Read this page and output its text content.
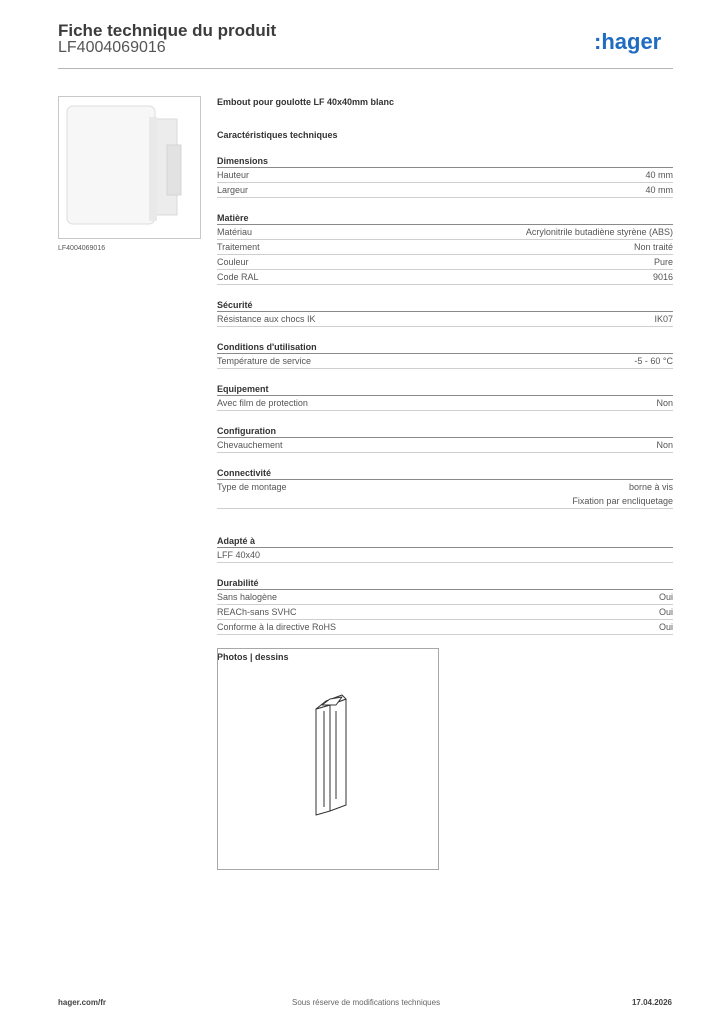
Fiche technique du produit
LF4004069016	:hager
LF4004069016
Embout pour goulotte LF 40x40mm blanc
Caractéristiques techniques
Dimensions
Hauteur	40 mm
Largeur	40 mm
Matière
Matériau	Acrylonitrile butadiène styrène (ABS)
Traitement	Non traité
Couleur	Pure
Code RAL	9016
Sécurité
Résistance aux chocs IK	IK07
Conditions d'utilisation
Température de service	-5 - 60 °C
Equipement
Avec film de protection	Non
Configuration
Chevauchement	Non
Connectivité
Type de montage	borne à vis
Fixation par encliquetage
Adapté à
LFF 40x40
Durabilité
Sans halogène	Oui
REACh-sans SVHC	Oui
Conforme à la directive RoHS	Oui
Photos | dessins
hager.com/fr	Sous réserve de modifications techniques	17.04.2026
